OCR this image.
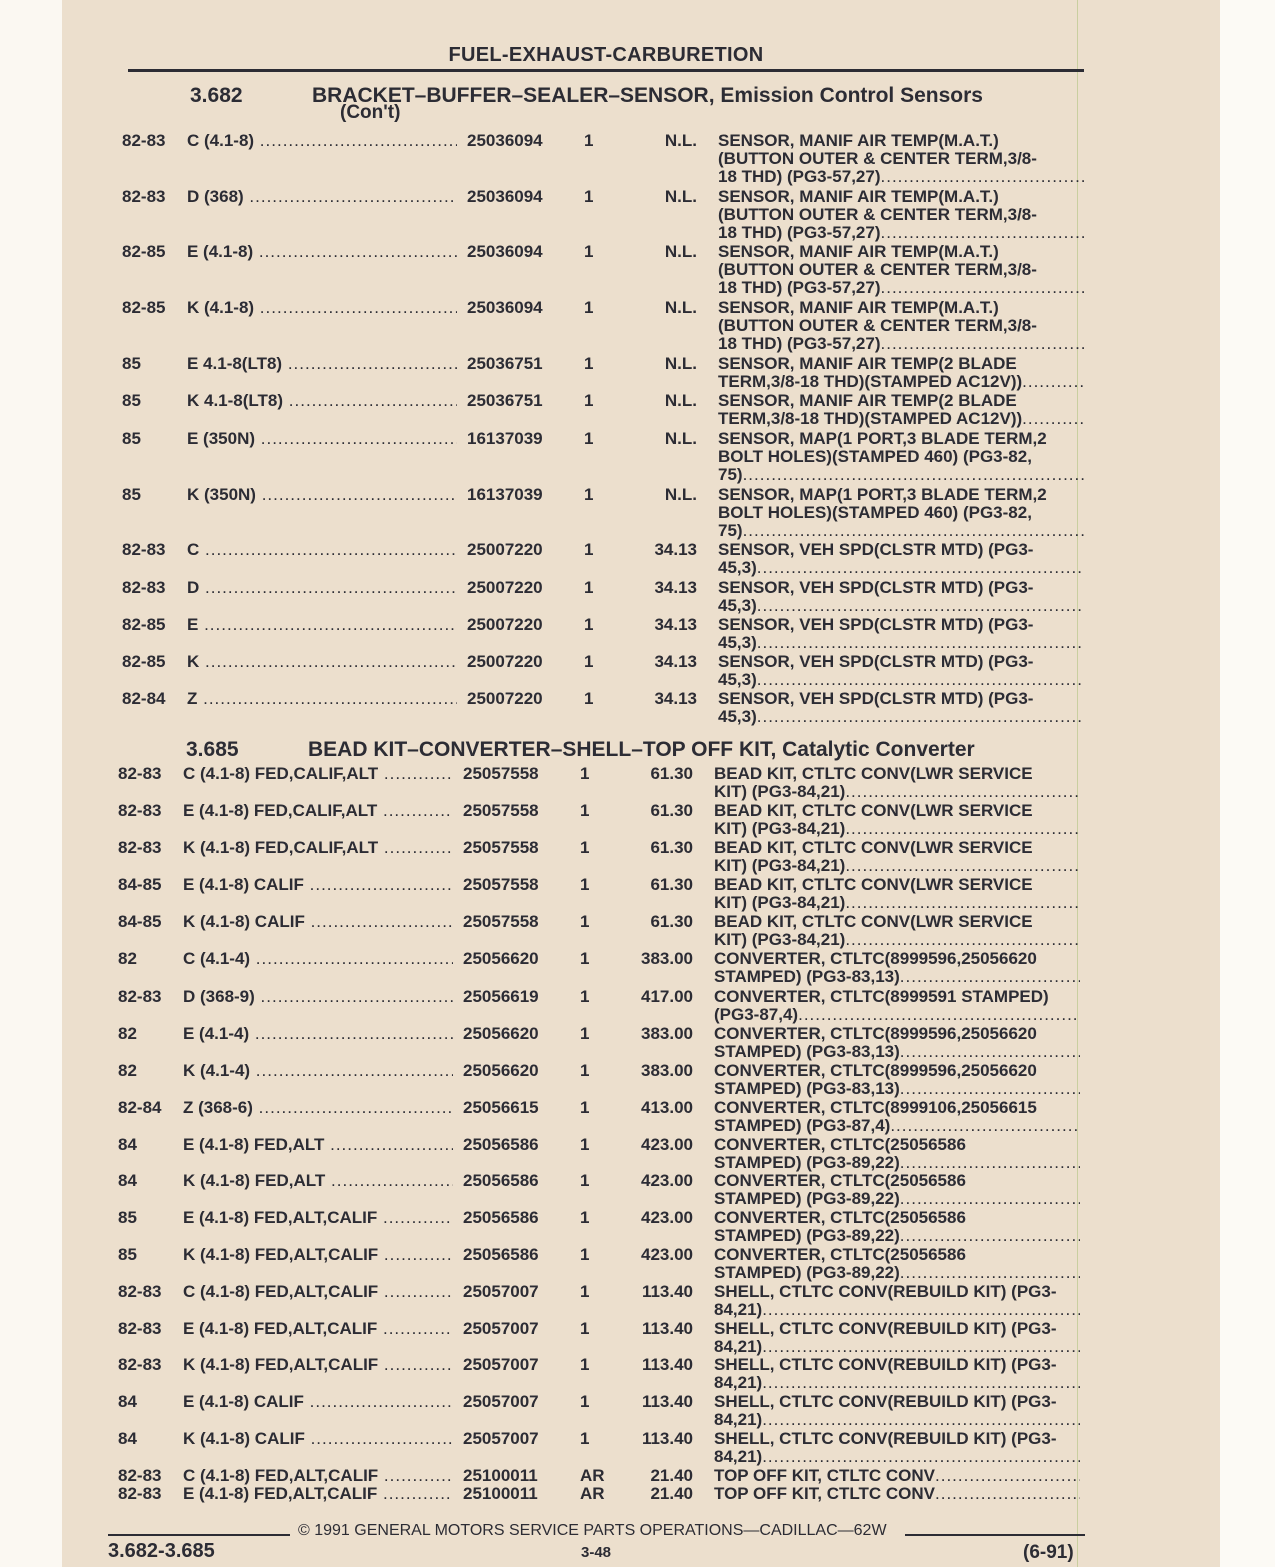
FUEL-EXHAUST-CARBURETION
3.682	BRACKET–BUFFER–SEALER–SENSOR, Emission Control Sensors
(Con't)
3.685	BEAD KIT–CONVERTER–SHELL–TOP OFF KIT, Catalytic Converter
82-83	C (4.1-8) .....	25036094	1	N.L. SENSOR, MANIF AIR TEMP(M.A.T.)
(BUTTON OUTER & CENTER TERM,3/8-
18 THD) (PG3-57,27) .....
82-83	D (368) .....	25036094	1	N.L. SENSOR, MANIF AIR TEMP(M.A.T.)
(BUTTON OUTER & CENTER TERM,3/8-
18 THD) (PG3-57,27) .....
82-85	E (4.1-8) .....	25036094	1	N.L. SENSOR, MANIF AIR TEMP(M.A.T.)
(BUTTON OUTER & CENTER TERM,3/8-
18 THD) (PG3-57,27) .....
82-85	K (4.1-8) .....	25036094	1	N.L. SENSOR, MANIF AIR TEMP(M.A.T.)
(BUTTON OUTER & CENTER TERM,3/8-
18 THD) (PG3-57,27) .....
85	E 4.1-8(LT8) .....	25036751	1	N.L. SENSOR, MANIF AIR TEMP(2 BLADE
TERM,3/8-18 THD)(STAMPED AC12V)) .....
85	K 4.1-8(LT8) .....	25036751	1	N.L. SENSOR, MANIF AIR TEMP(2 BLADE
TERM,3/8-18 THD)(STAMPED AC12V)) .....
85	E (350N) .....	16137039	1	N.L. SENSOR, MAP(1 PORT,3 BLADE TERM,2
BOLT HOLES)(STAMPED 460) (PG3-82,
75) .....
85	K (350N) .....	16137039	1	N.L. SENSOR, MAP(1 PORT,3 BLADE TERM,2
BOLT HOLES)(STAMPED 460) (PG3-82,
75) .....
82-83	C .....	25007220	1	34.13 SENSOR, VEH SPD(CLSTR MTD) (PG3-
45,3) .....
82-83	D .....	25007220	1	34.13 SENSOR, VEH SPD(CLSTR MTD) (PG3-
45,3) .....
82-85	E .....	25007220	1	34.13 SENSOR, VEH SPD(CLSTR MTD) (PG3-
45,3) .....
82-85	K .....	25007220	1	34.13 SENSOR, VEH SPD(CLSTR MTD) (PG3-
45,3) .....
82-84	Z .....	25007220	1	34.13 SENSOR, VEH SPD(CLSTR MTD) (PG3-
45,3) .....
82-83	C (4.1-8) FED,CALIF,ALT .....	25057558	1	61.30 BEAD KIT, CTLTC CONV(LWR SERVICE
KIT) (PG3-84,21) .....
82-83	E (4.1-8) FED,CALIF,ALT .....	25057558	1	61.30 BEAD KIT, CTLTC CONV(LWR SERVICE
KIT) (PG3-84,21) .....
82-83	K (4.1-8) FED,CALIF,ALT .....	25057558	1	61.30 BEAD KIT, CTLTC CONV(LWR SERVICE
KIT) (PG3-84,21) .....
84-85	E (4.1-8) CALIF .....	25057558	1	61.30 BEAD KIT, CTLTC CONV(LWR SERVICE
KIT) (PG3-84,21) .....
84-85	K (4.1-8) CALIF .....	25057558	1	61.30 BEAD KIT, CTLTC CONV(LWR SERVICE
KIT) (PG3-84,21) .....
82	C (4.1-4) .....	25056620	1	383.00 CONVERTER, CTLTC(8999596,25056620
STAMPED) (PG3-83,13) .....
82-83	D (368-9) .....	25056619	1	417.00 CONVERTER, CTLTC(8999591 STAMPED)
(PG3-87,4) .....
82	E (4.1-4) .....	25056620	1	383.00 CONVERTER, CTLTC(8999596,25056620
STAMPED) (PG3-83,13) .....
82	K (4.1-4) .....	25056620	1	383.00 CONVERTER, CTLTC(8999596,25056620
STAMPED) (PG3-83,13) .....
82-84	Z (368-6) .....	25056615	1	413.00 CONVERTER, CTLTC(8999106,25056615
STAMPED) (PG3-87,4) .....
84	E (4.1-8) FED,ALT .....	25056586	1	423.00 CONVERTER, CTLTC(25056586
STAMPED) (PG3-89,22) .....
84	K (4.1-8) FED,ALT .....	25056586	1	423.00 CONVERTER, CTLTC(25056586
STAMPED) (PG3-89,22) .....
85	E (4.1-8) FED,ALT,CALIF .....	25056586	1	423.00 CONVERTER, CTLTC(25056586
STAMPED) (PG3-89,22) .....
85	K (4.1-8) FED,ALT,CALIF .....	25056586	1	423.00 CONVERTER, CTLTC(25056586
STAMPED) (PG3-89,22) .....
82-83	C (4.1-8) FED,ALT,CALIF .....	25057007	1	113.40 SHELL, CTLTC CONV(REBUILD KIT) (PG3-
84,21) .....
82-83	E (4.1-8) FED,ALT,CALIF .....	25057007	1	113.40 SHELL, CTLTC CONV(REBUILD KIT) (PG3-
84,21) .....
82-83	K (4.1-8) FED,ALT,CALIF .....	25057007	1	113.40 SHELL, CTLTC CONV(REBUILD KIT) (PG3-
84,21) .....
84	E (4.1-8) CALIF .....	25057007	1	113.40 SHELL, CTLTC CONV(REBUILD KIT) (PG3-
84,21) .....
84	K (4.1-8) CALIF .....	25057007	1	113.40 SHELL, CTLTC CONV(REBUILD KIT) (PG3-
84,21) .....
82-83	C (4.1-8) FED,ALT,CALIF .....	25100011	AR	21.40 TOP OFF KIT, CTLTC CONV .....
82-83	E (4.1-8) FED,ALT,CALIF .....	25100011	AR	21.40 TOP OFF KIT, CTLTC CONV .....
© 1991 GENERAL MOTORS SERVICE PARTS OPERATIONS—CADILLAC—62W
3.682-3.685	3-48	(6-91)
